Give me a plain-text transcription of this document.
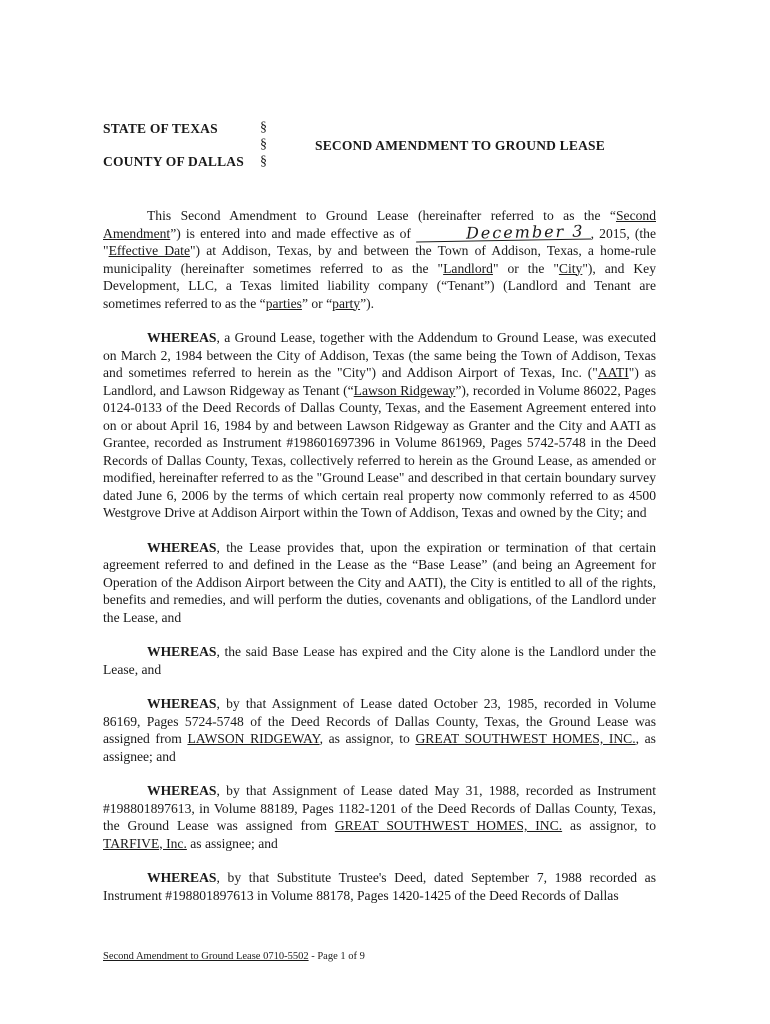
STATE OF TEXAS
COUNTY OF DALLAS
§
§
§
SECOND AMENDMENT TO GROUND LEASE

This Second Amendment to Ground Lease (hereinafter referred to as the “Second Amendment”) is entered into and made effective as of	December 3 , 2015, (the "Effective Date") at Addison, Texas, by and between the Town of Addison, Texas, a home-rule municipality (hereinafter sometimes referred to as the "Landlord" or the "City"), and Key Development, LLC, a Texas limited liability company (“Tenant”) (Landlord and Tenant are sometimes referred to as the “parties” or “party”).

WHEREAS, a Ground Lease, together with the Addendum to Ground Lease, was executed on March 2, 1984 between the City of Addison, Texas (the same being the Town of Addison, Texas and sometimes referred to herein as the "City") and Addison Airport of Texas, Inc. ("AATI") as Landlord, and Lawson Ridgeway as Tenant (“Lawson Ridgeway”), recorded in Volume 86022, Pages 0124-0133 of the Deed Records of Dallas County, Texas, and the Easement Agreement entered into on or about April 16, 1984 by and between Lawson Ridgeway as Granter and the City and AATI as Grantee, recorded as Instrument #198601697396 in Volume 861969, Pages 5742-5748 in the Deed Records of Dallas County, Texas, collectively referred to herein as the Ground Lease, as amended or modified, hereinafter referred to as the "Ground Lease" and described in that certain boundary survey dated June 6, 2006 by the terms of which certain real property now commonly referred to as 4500 Westgrove Drive at Addison Airport within the Town of Addison, Texas and owned by the City; and

WHEREAS, the Lease provides that, upon the expiration or termination of that certain agreement referred to and defined in the Lease as the “Base Lease” (and being an Agreement for Operation of the Addison Airport between the City and AATI), the City is entitled to all of the rights, benefits and remedies, and will perform the duties, covenants and obligations, of the Landlord under the Lease, and

WHEREAS, the said Base Lease has expired and the City alone is the Landlord under the Lease, and

WHEREAS, by that Assignment of Lease dated October 23, 1985, recorded in Volume 86169, Pages 5724-5748 of the Deed Records of Dallas County, Texas, the Ground Lease was assigned from LAWSON RIDGEWAY, as assignor, to GREAT SOUTHWEST HOMES, INC., as assignee; and

WHEREAS, by that Assignment of Lease dated May 31, 1988, recorded as Instrument #198801897613, in Volume 88189, Pages 1182-1201 of the Deed Records of Dallas County, Texas, the Ground Lease was assigned from GREAT SOUTHWEST HOMES, INC. as assignor, to TARFIVE, Inc. as assignee; and

WHEREAS, by that Substitute Trustee's Deed, dated September 7, 1988 recorded as Instrument #198801897613 in Volume 88178, Pages 1420-1425 of the Deed Records of Dallas

Second Amendment to Ground Lease 0710-5502 - Page 1 of 9
